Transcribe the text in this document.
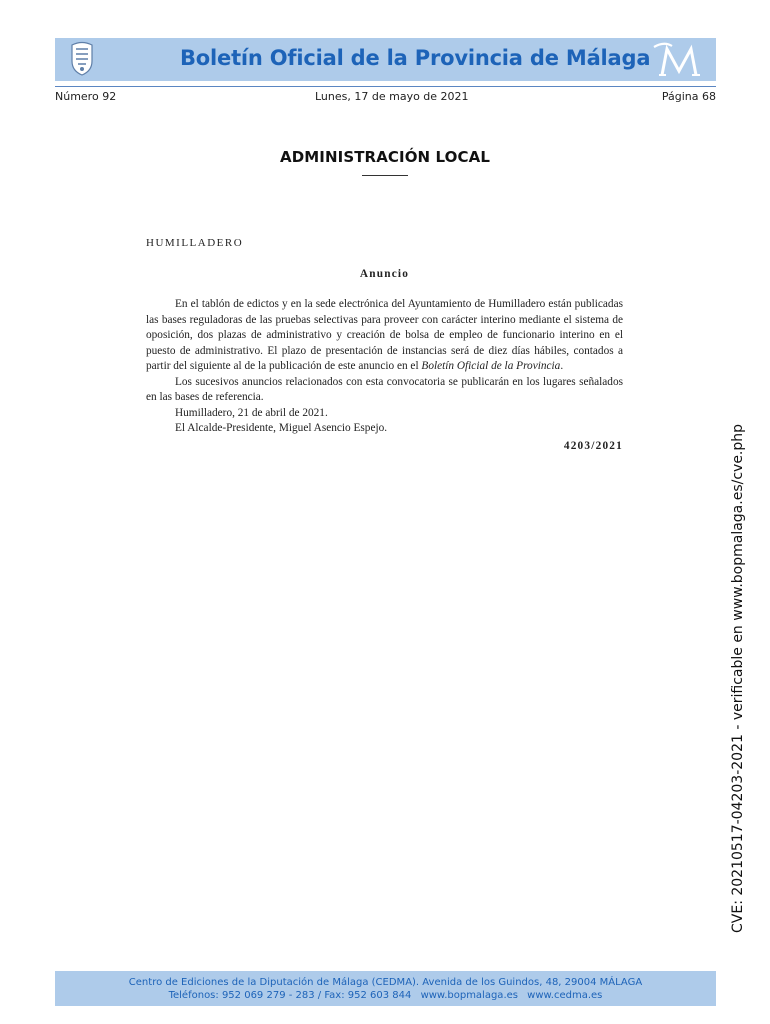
Boletín Oficial de la Provincia de Málaga
Número 92	Lunes, 17 de mayo de 2021	Página 68
ADMINISTRACIÓN LOCAL
HUMILLADERO
Anuncio

En el tablón de edictos y en la sede electrónica del Ayuntamiento de Humilladero están publicadas las bases reguladoras de las pruebas selectivas para proveer con carácter interino mediante el sistema de oposición, dos plazas de administrativo y creación de bolsa de empleo de funcionario interino en el puesto de administrativo. El plazo de presentación de instancias será de diez días hábiles, contados a partir del siguiente al de la publicación de este anuncio en el Boletín Oficial de la Provincia.

Los sucesivos anuncios relacionados con esta convocatoria se publicarán en los lugares señalados en las bases de referencia.

Humilladero, 21 de abril de 2021.

El Alcalde-Presidente, Miguel Asencio Espejo.

4203/2021	CVE: 20210517-04203-2021 - verificable en www.bopmalaga.es/cve.php
Centro de Ediciones de la Diputación de Málaga (CEDMA). Avenida de los Guindos, 48, 29004 MÁLAGA
Teléfonos: 952 069 279 - 283 / Fax: 952 603 844 www.bopmalaga.es www.cedma.es
